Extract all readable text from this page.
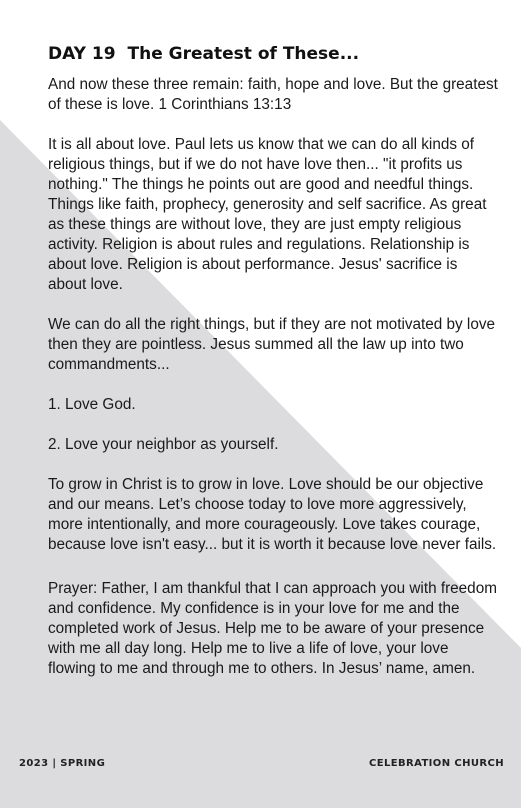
DAY 19 The Greatest of These...

And now these three remain: faith, hope and love. But the greatest of these is love. 1 Corinthians 13:13

It is all about love. Paul lets us know that we can do all kinds of religious things, but if we do not have love then... "it profits us nothing." The things he points out are good and needful things. Things like faith, prophecy, generosity and self sacrifice. As great as these things are without love, they are just empty religious activity. Religion is about rules and regulations. Relationship is about love. Religion is about performance. Jesus' sacrifice is about love.

We can do all the right things, but if they are not motivated by love then they are pointless. Jesus summed all the law up into two commandments...

1. Love God.

2. Love your neighbor as yourself.

To grow in Christ is to grow in love. Love should be our objective and our means. Let’s choose today to love more aggressively, more intentionally, and more courageously. Love takes courage, because love isn't easy... but it is worth it because love never fails.

Prayer: Father, I am thankful that I can approach you with freedom and confidence. My confidence is in your love for me and the completed work of Jesus. Help me to be aware of your presence with me all day long. Help me to live a life of love, your love flowing to me and through me to others. In Jesus’ name, amen.

2023 | SPRING	CELEBRATION CHURCH
